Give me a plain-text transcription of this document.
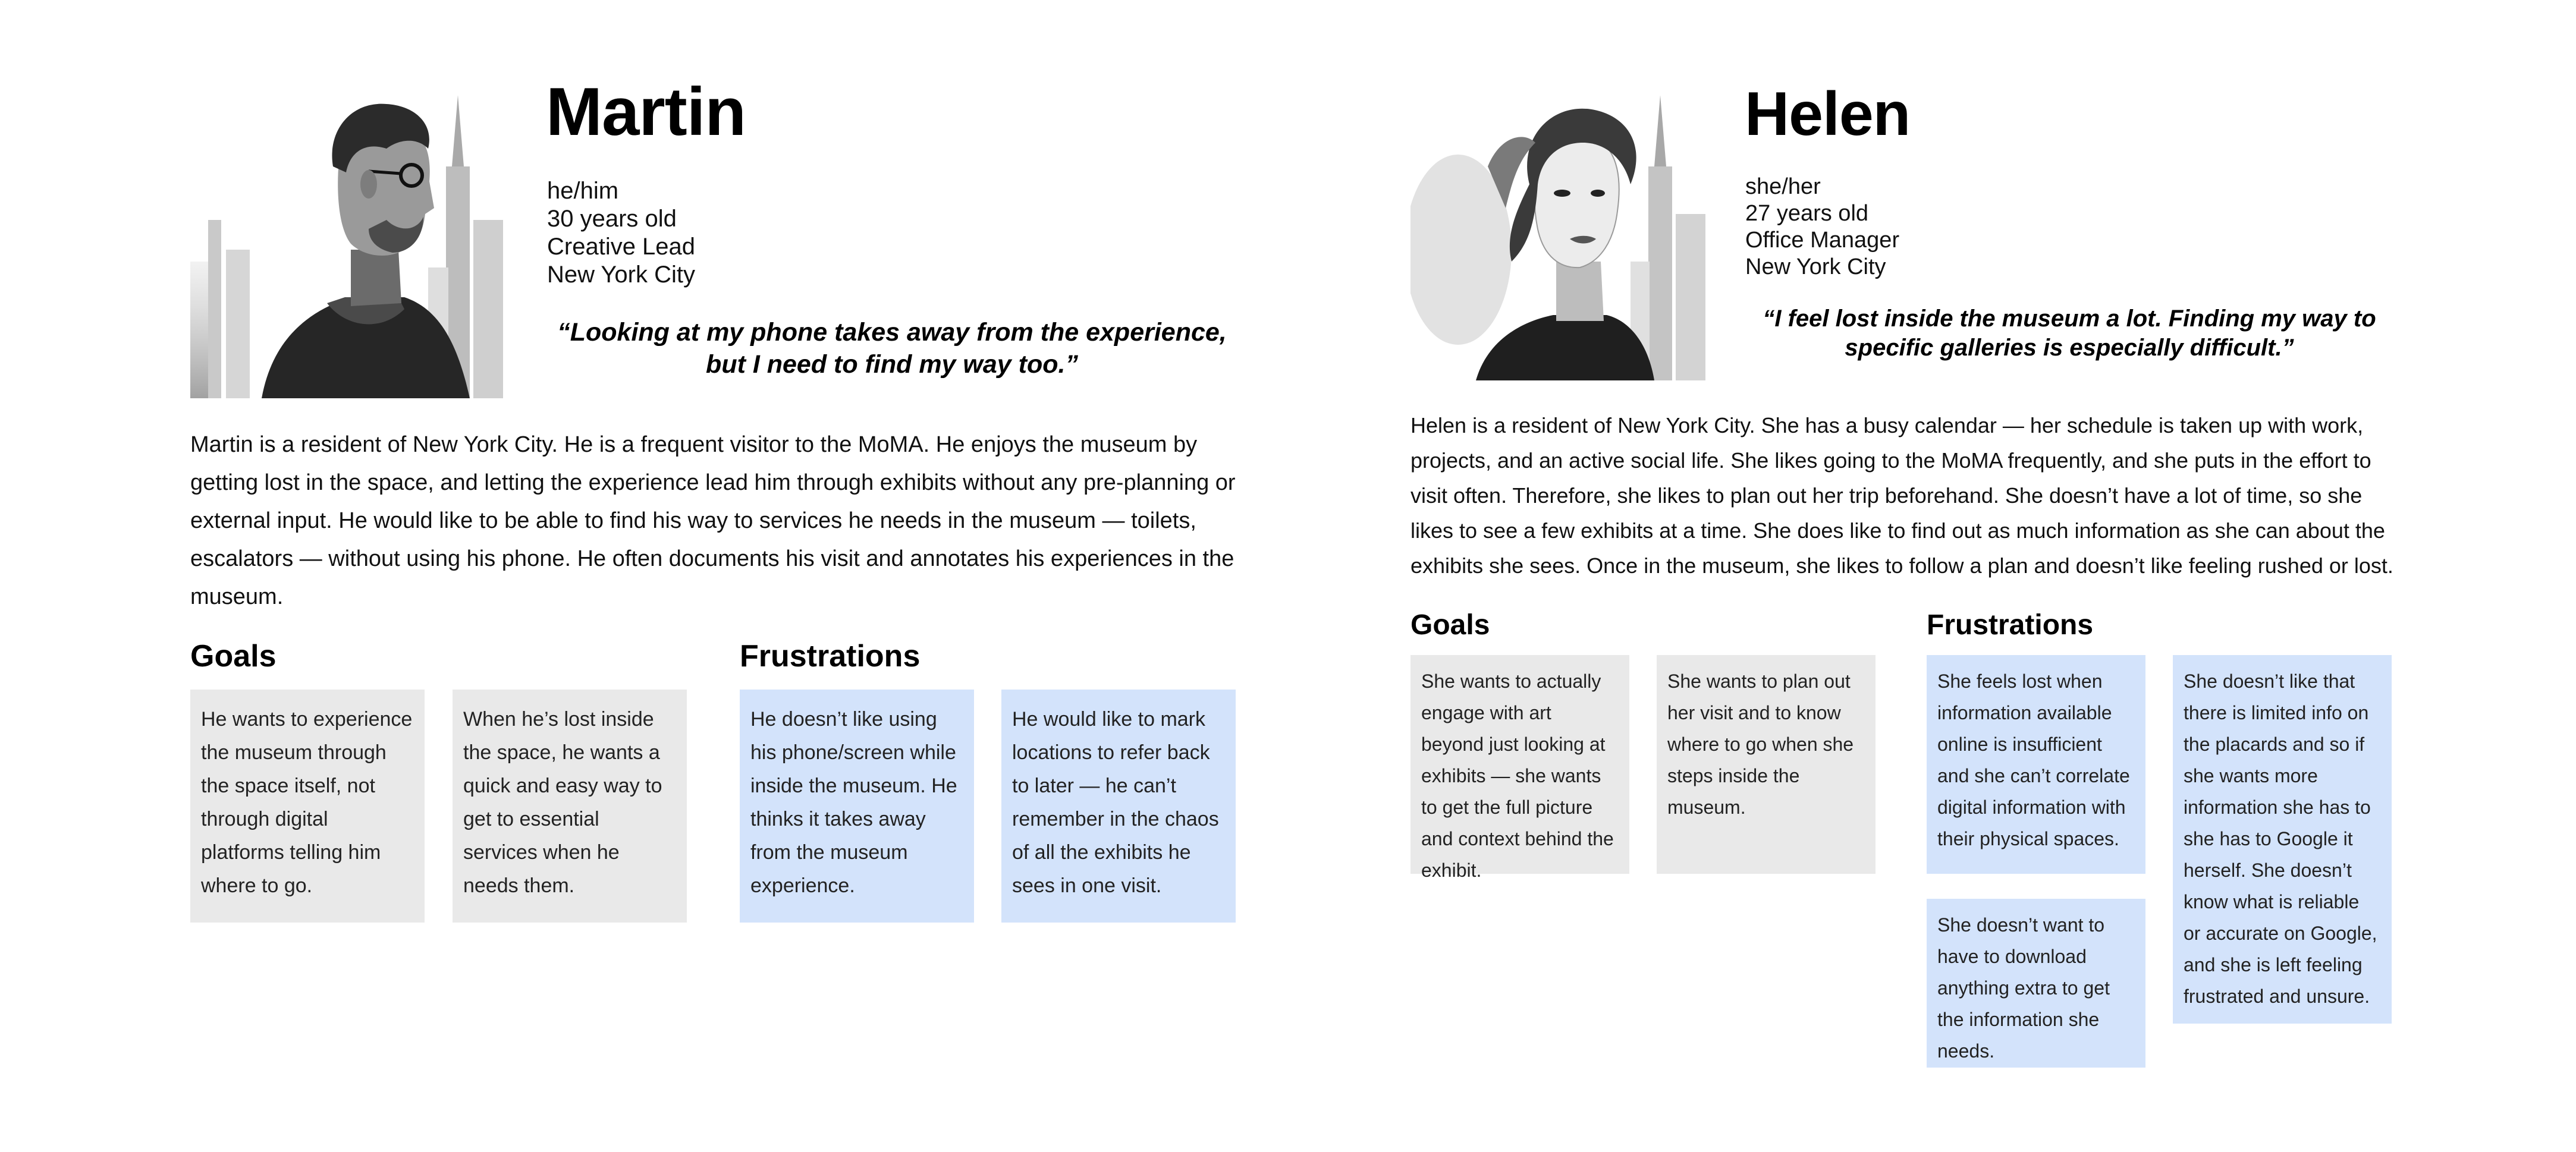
Martin
he/him
30 years old
Creative Lead
New York City
“Looking at my phone takes away from the experience,
but I need to find my way too.”

Martin is a resident of New York City. He is a frequent visitor to the MoMA. He enjoys the museum by getting lost in the space, and letting the experience lead him through exhibits without any pre-planning or external input. He would like to be able to find his way to services he needs in the museum — toilets, escalators — without using his phone. He often documents his visit and annotates his experiences in the museum.

Goals	Frustrations
He wants to experience the museum through the space itself, not through digital platforms telling him where to go.
When he’s lost inside the space, he wants a quick and easy way to get to essential services when he needs them.
He doesn’t like using his phone/screen while inside the museum. He thinks it takes away from the museum experience.
He would like to mark locations to refer back to later — he can’t remember in the chaos of all the exhibits he sees in one visit.
Helen
she/her
27 years old
Office Manager
New York City
“I feel lost inside the museum a lot. Finding my way to
specific galleries is especially difficult.”

Helen is a resident of New York City. She has a busy calendar — her schedule is taken up with work, projects, and an active social life. She likes going to the MoMA frequently, and she puts in the effort to visit often. Therefore, she likes to plan out her trip beforehand. She doesn’t have a lot of time, so she likes to see a few exhibits at a time. She does like to find out as much information as she can about the exhibits she sees. Once in the museum, she likes to follow a plan and doesn’t like feeling rushed or lost.

Goals	Frustrations
She wants to actually engage with art beyond just looking at exhibits — she wants to get the full picture and context behind the exhibit.
She wants to plan out her visit and to know where to go when she steps inside the museum.
She feels lost when information available online is insufficient and she can’t correlate digital information with their physical spaces.
She doesn’t want to have to download anything extra to get the information she needs.
She doesn’t like that there is limited info on the placards and so if she wants more information she has to she has to Google it herself. She doesn’t know what is reliable or accurate on Google, and she is left feeling frustrated and unsure.
